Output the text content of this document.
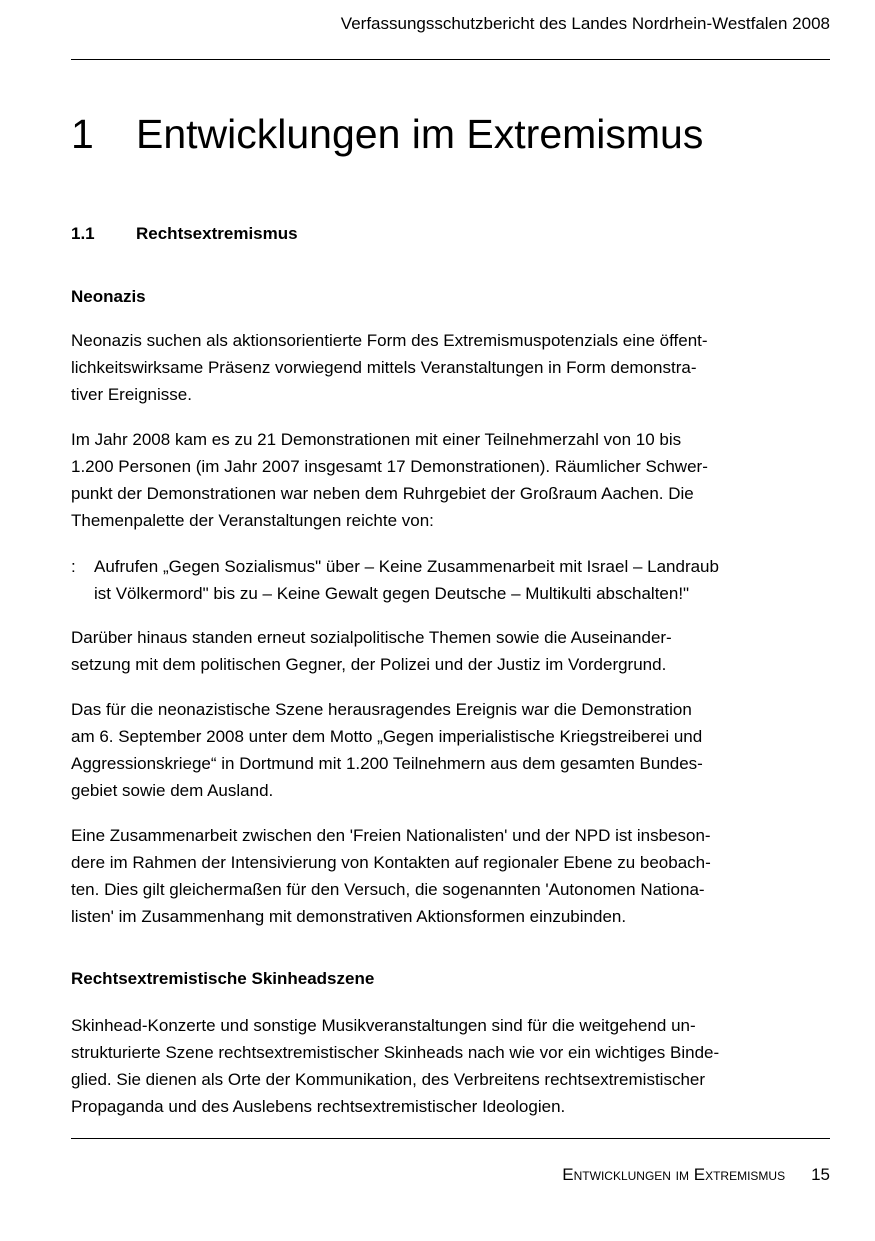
Verfassungsschutzbericht des Landes Nordrhein-Westfalen 2008
1 Entwicklungen im Extremismus
1.1 Rechtsextremismus
Neonazis

Neonazis suchen als aktionsorientierte Form des Extremismuspotenzials eine öffent-
lichkeitswirksame Präsenz vorwiegend mittels Veranstaltungen in Form demonstra-
tiver Ereignisse.

Im Jahr 2008 kam es zu 21 Demonstrationen mit einer Teilnehmerzahl von 10 bis
1.200 Personen (im Jahr 2007 insgesamt 17 Demonstrationen). Räumlicher Schwer-
punkt der Demonstrationen war neben dem Ruhrgebiet der Großraum Aachen. Die
Themenpalette der Veranstaltungen reichte von:

: Aufrufen „Gegen Sozialismus" über – Keine Zusammenarbeit mit Israel – Landraub
ist Völkermord" bis zu – Keine Gewalt gegen Deutsche – Multikulti abschalten!"

Darüber hinaus standen erneut sozialpolitische Themen sowie die Auseinander-
setzung mit dem politischen Gegner, der Polizei und der Justiz im Vordergrund.

Das für die neonazistische Szene herausragendes Ereignis war die Demonstration
am 6. September 2008 unter dem Motto „Gegen imperialistische Kriegstreiberei und
Aggressionskriege“ in Dortmund mit 1.200 Teilnehmern aus dem gesamten Bundes-
gebiet sowie dem Ausland.

Eine Zusammenarbeit zwischen den 'Freien Nationalisten' und der NPD ist insbeson-
dere im Rahmen der Intensivierung von Kontakten auf regionaler Ebene zu beobach-
ten. Dies gilt gleichermaßen für den Versuch, die sogenannten 'Autonomen Nationa-
listen' im Zusammenhang mit demonstrativen Aktionsformen einzubinden.

Rechtsextremistische Skinheadszene

Skinhead-Konzerte und sonstige Musikveranstaltungen sind für die weitgehend un-
strukturierte Szene rechtsextremistischer Skinheads nach wie vor ein wichtiges Binde-
glied. Sie dienen als Orte der Kommunikation, des Verbreitens rechtsextremistischer
Propaganda und des Auslebens rechtsextremistischer Ideologien.

Entwicklungen im Extremismus 15
